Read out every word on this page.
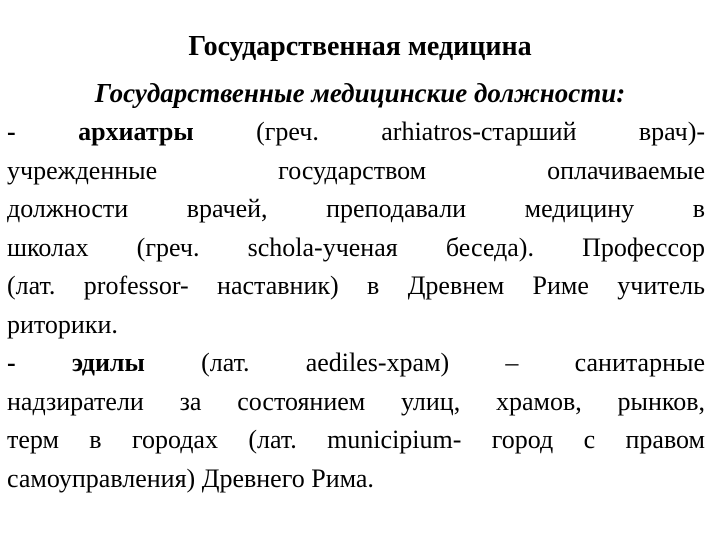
Государственная медицина
Государственные медицинские должности:
- архиатры (греч. arhiatros-старший врач)-
учрежденные государством оплачиваемые
должности врачей, преподавали медицину в
школах (греч. schola-ученая беседа). Профессор
(лат. professor- наставник) в Древнем Риме учитель
риторики.
- эдилы (лат. aediles-храм) – санитарные
надзиратели за состоянием улиц, храмов, рынков,
терм в городах (лат. municipium- город с правом
самоуправления) Древнего Рима.
